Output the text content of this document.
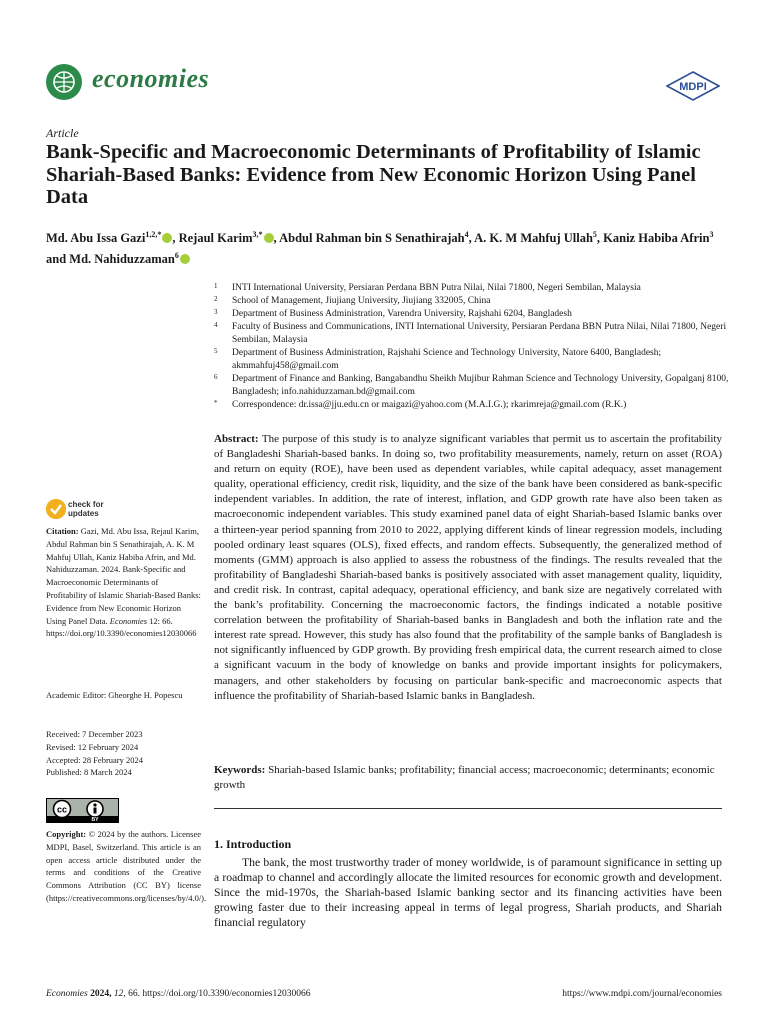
economies	MDPI
Article
Bank-Specific and Macroeconomic Determinants of Profitability of Islamic Shariah-Based Banks: Evidence from New Economic Horizon Using Panel Data
Md. Abu Issa Gazi$^{1,2,*}$ , Rejaul Karim$^{3,*}$ , Abdul Rahman bin S Senathirajah$^4$, A. K. M Mahfuj Ullah$^5$, Kaniz Habiba Afrin$^3$ and Md. Nahiduzzaman$^6$
1 INTI International University, Persiaran Perdana BBN Putra Nilai, Nilai 71800, Negeri Sembilan, Malaysia
2 School of Management, Jiujiang University, Jiujiang 332005, China
3 Department of Business Administration, Varendra University, Rajshahi 6204, Bangladesh
4 Faculty of Business and Communications, INTI International University, Persiaran Perdana BBN Putra Nilai, Nilai 71800, Negeri Sembilan, Malaysia
5 Department of Business Administration, Rajshahi Science and Technology University, Natore 6400, Bangladesh; akmmahfuj458@gmail.com
6 Department of Finance and Banking, Bangabandhu Sheikh Mujibur Rahman Science and Technology University, Gopalganj 8100, Bangladesh; info.nahiduzzaman.bd@gmail.com
* Correspondence: dr.issa@jju.edu.cn or maigazi@yahoo.com (M.A.I.G.); rkarimreja@gmail.com (R.K.)
check for
updates

Citation: Gazi, Md. Abu Issa, Rejaul Karim, Abdul Rahman bin S Senathirajah, A. K. M Mahfuj Ullah, Kaniz Habiba Afrin, and Md. Nahiduzzaman. 2024. Bank-Specific and Macroeconomic Determinants of Profitability of Islamic Shariah-Based Banks: Evidence from New Economic Horizon Using Panel Data. Economies 12: 66. https://doi.org/10.3390/economies12030066

Academic Editor: Gheorghe H. Popescu

Received: 7 December 2023
Revised: 12 February 2024
Accepted: 28 February 2024
Published: 8 March 2024
cc
BY

Copyright: © 2024 by the authors. Licensee MDPI, Basel, Switzerland. This article is an open access article distributed under the terms and conditions of the Creative Commons Attribution (CC BY) license (https://creativecommons.org/licenses/by/4.0/).

Abstract: The purpose of this study is to analyze significant variables that permit us to ascertain the profitability of Bangladeshi Shariah-based banks. In doing so, two profitability measurements, namely, return on asset (ROA) and return on equity (ROE), have been used as dependent variables, while capital adequacy, asset management quality, operational efficiency, credit risk, liquidity, and the size of the bank have been considered as bank-specific independent variables. In addition, the rate of interest, inflation, and GDP growth rate have also been taken as macroeconomic independent variables. This study examined panel data of eight Shariah-based Islamic banks over a thirteen-year period spanning from 2010 to 2022, applying different kinds of linear regression models, including pooled ordinary least squares (OLS), fixed effects, and random effects. Subsequently, the generalized method of moments (GMM) approach is also applied to assess the robustness of the findings. The results revealed that the profitability of Bangladeshi Shariah-based banks is positively associated with asset management quality, liquidity, and credit risk. In contrast, capital adequacy, operational efficiency, and bank size are negatively correlated with the bank’s profitability. Concerning the macroeconomic factors, the findings indicated a notable positive correlation between the profitability of Shariah-based banks in Bangladesh and both the inflation rate and the interest rate spread. However, this study has also found that the profitability of the sample banks of Bangladesh is not significantly influenced by GDP growth. By providing fresh empirical data, the current research aimed to close a significant vacuum in the body of knowledge on banks and provide important insights for policymakers, managers, and other stakeholders by focusing on particular bank-specific and macroeconomic aspects that influence the profitability of Shariah-based Islamic banks in Bangladesh.

Keywords: Shariah-based Islamic banks; profitability; financial access; macroeconomic; determinants; economic growth

1. Introduction

The bank, the most trustworthy trader of money worldwide, is of paramount significance in setting up a roadmap to channel and accordingly allocate the limited resources for economic growth and development. Since the mid-1970s, the Shariah-based Islamic banking sector and its financing activities have been growing faster due to their increasing appeal in terms of legal progress, Shariah products, and Shariah financial regulatory

Economies 2024, 12, 66. https://doi.org/10.3390/economies12030066	https://www.mdpi.com/journal/economies
